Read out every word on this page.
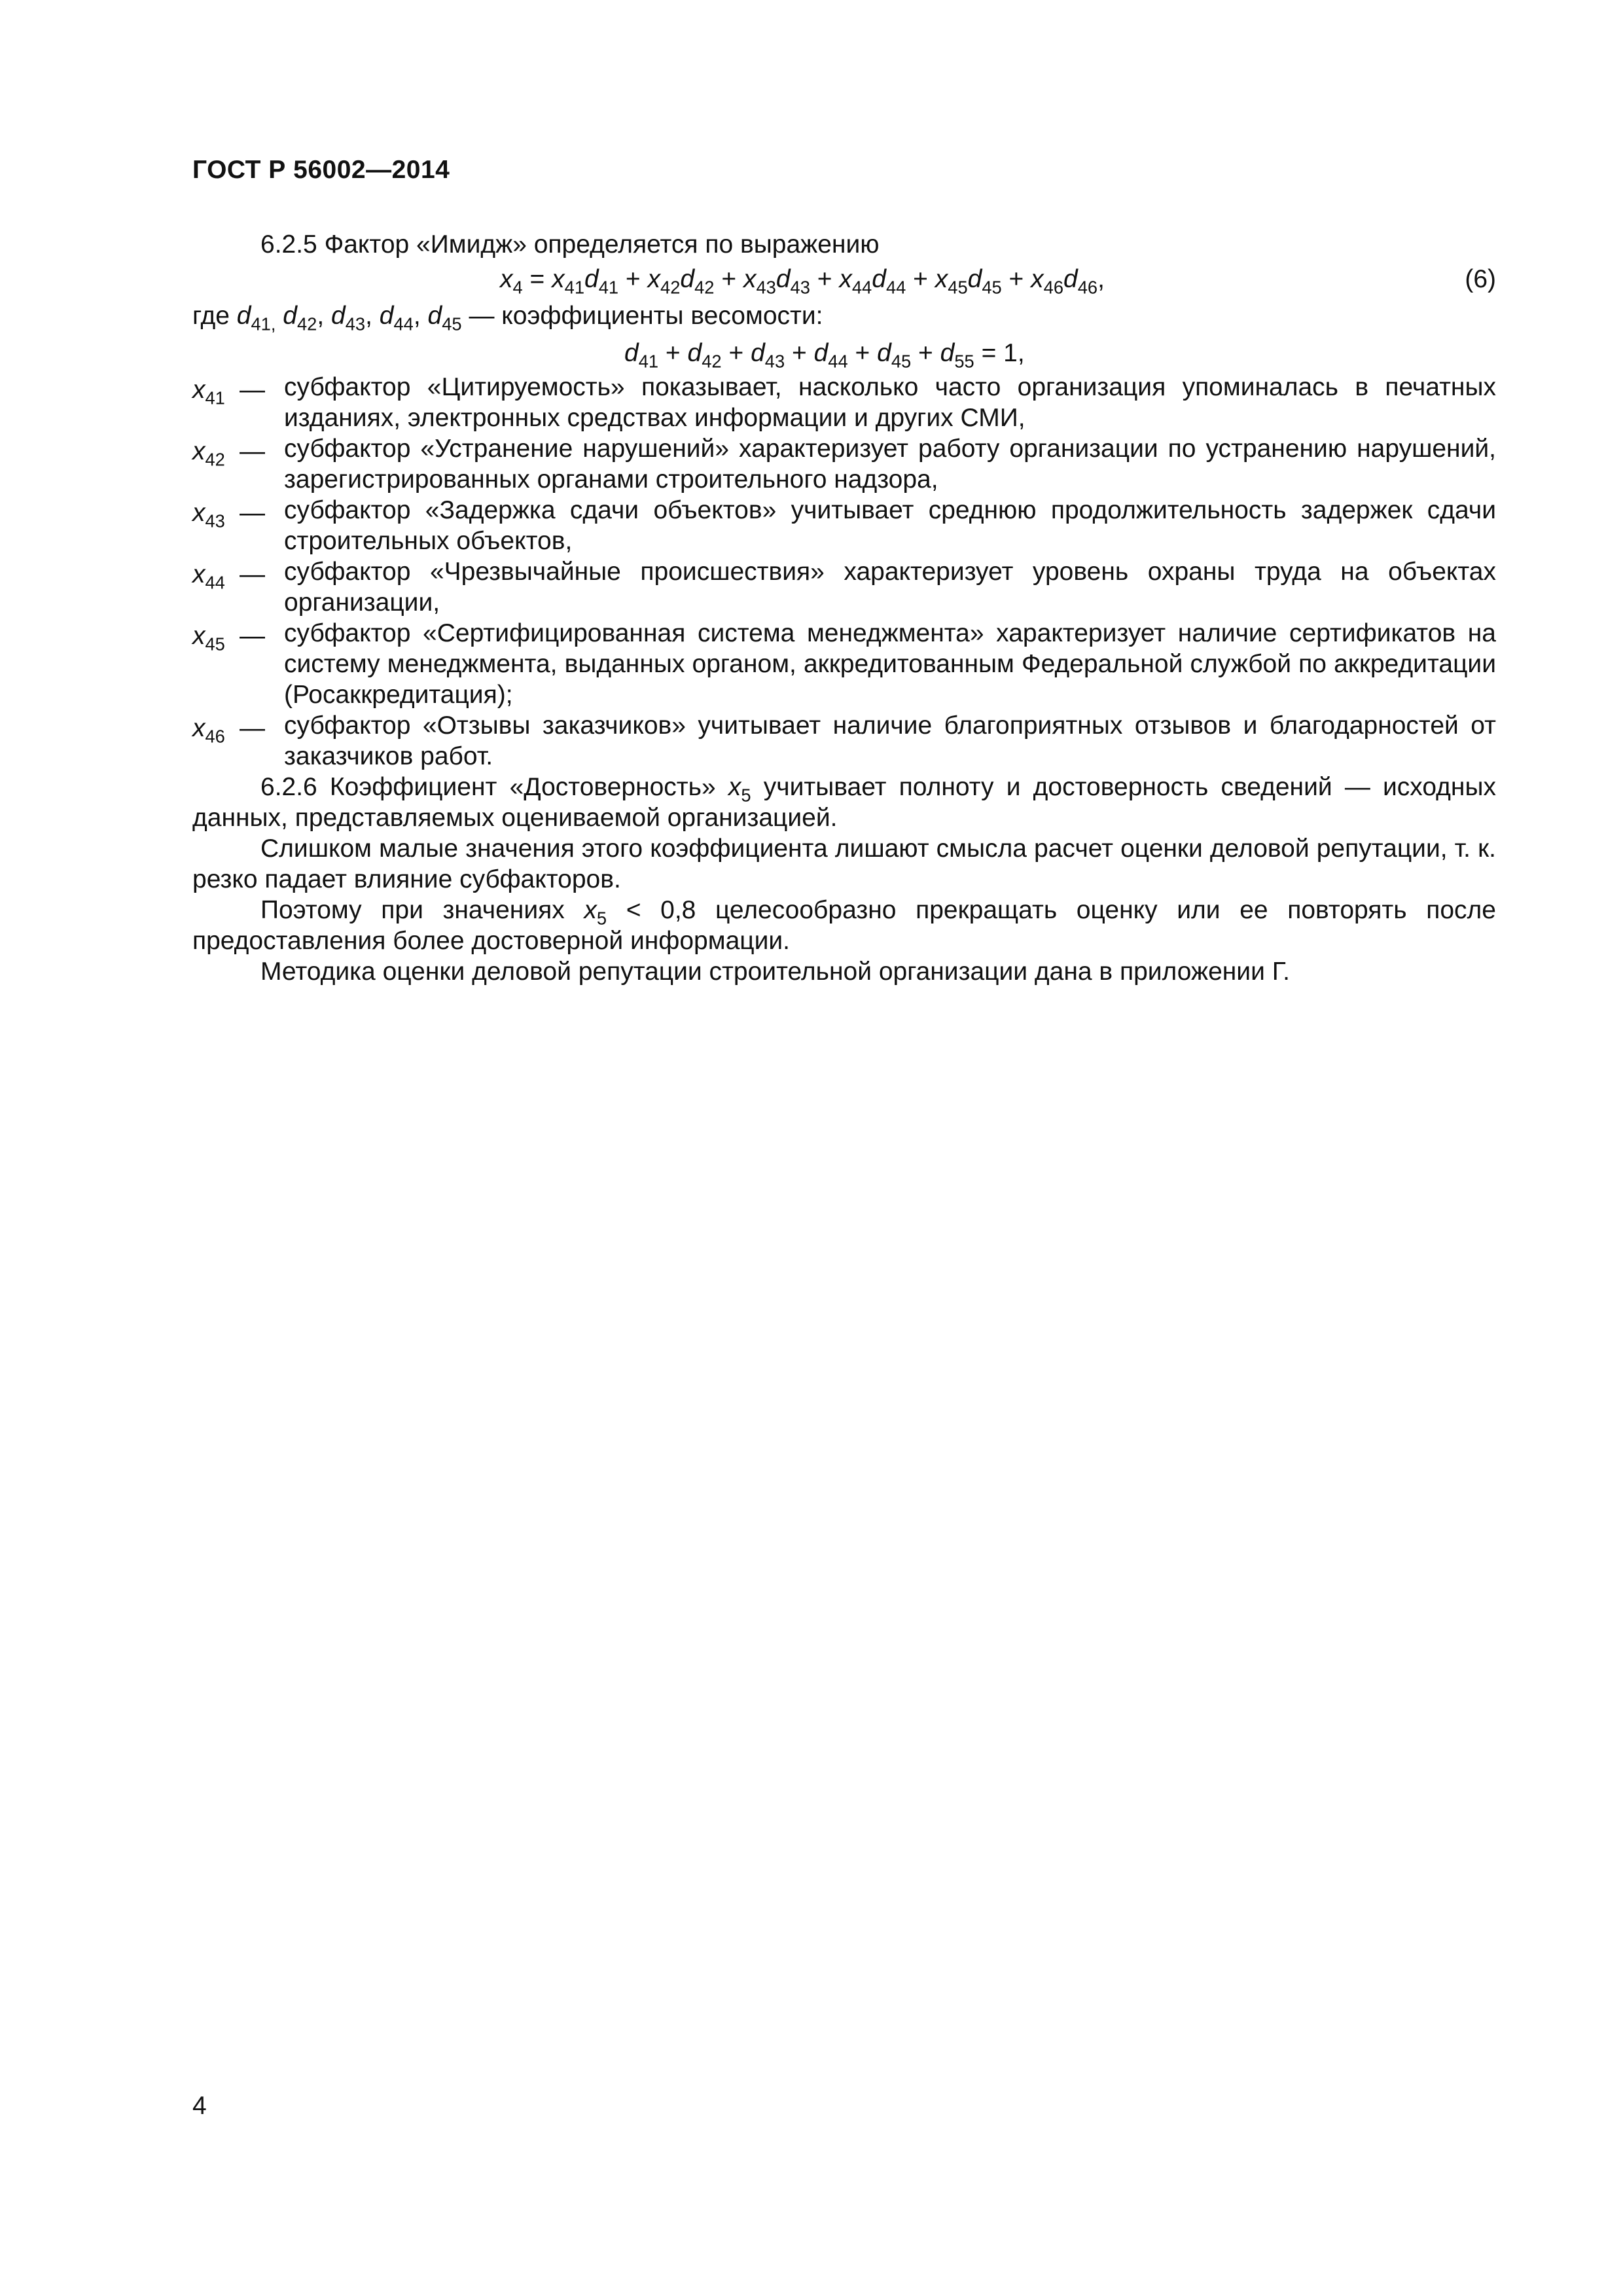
ГОСТ Р 56002—2014

6.2.5 Фактор «Имидж» определяется по выражению

$x_4 = x_{41}d_{41} + x_{42}d_{42} + x_{43}d_{43} + x_{44}d_{44} + x_{45}d_{45} + x_{46}d_{46}$,	(6)

где $d_{41,}$ $d_{42}$, $d_{43}$, $d_{44}$, $d_{45}$ — коэффициенты весомости:

$d_{41} + d_{42} + d_{43} + d_{44} + d_{45} + d_{55} = 1$,
$x_{41}$ — субфактор «Цитируемость» показывает, насколько часто организация упоминалась в печатных изданиях, электронных средствах информации и других СМИ,
$x_{42}$ — субфактор «Устранение нарушений» характеризует работу организации по устранению нарушений, зарегистрированных органами строительного надзора,
$x_{43}$ — субфактор «Задержка сдачи объектов» учитывает среднюю продолжительность задержек сдачи строительных объектов,
$x_{44}$ — субфактор «Чрезвычайные происшествия» характеризует уровень охраны труда на объектах организации,
$x_{45}$ — субфактор «Сертифицированная система менеджмента» характеризует наличие сертификатов на систему менеджмента, выданных органом, аккредитованным Федеральной службой по аккредитации (Росаккредитация);
$x_{46}$ — субфактор «Отзывы заказчиков» учитывает наличие благоприятных отзывов и благодарностей от заказчиков работ.

6.2.6 Коэффициент «Достоверность» $x_5$ учитывает полноту и достоверность сведений — исходных данных, представляемых оцениваемой организацией.

Слишком малые значения этого коэффициента лишают смысла расчет оценки деловой репутации, т. к. резко падает влияние субфакторов.

Поэтому при значениях $x_5 < 0,8$ целесообразно прекращать оценку или ее повторять после предоставления более достоверной информации.

Методика оценки деловой репутации строительной организации дана в приложении Г.

4
